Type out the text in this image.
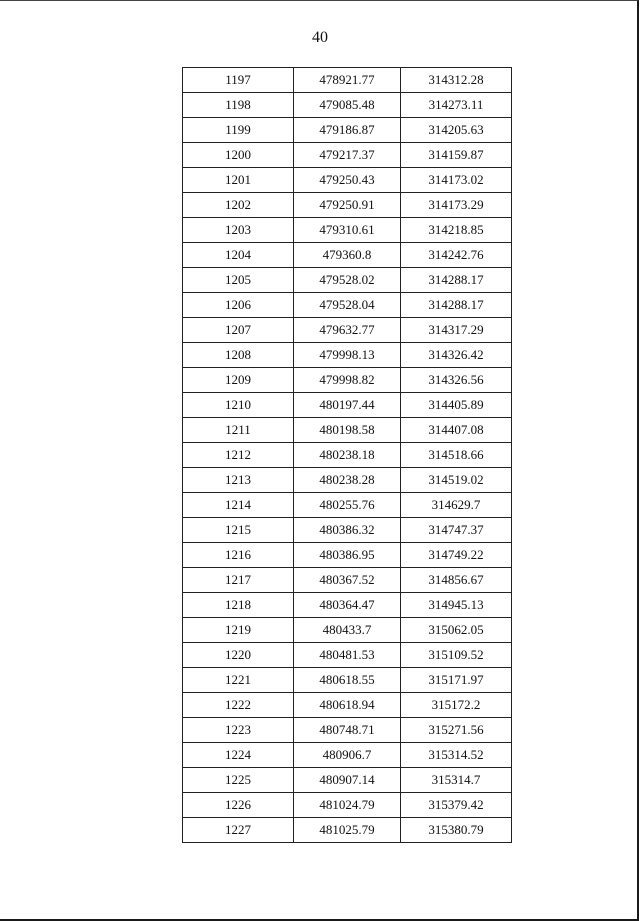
40
1197	478921.77	314312.28
1198	479085.48	314273.11
1199	479186.87	314205.63
1200	479217.37	314159.87
1201	479250.43	314173.02
1202	479250.91	314173.29
1203	479310.61	314218.85
1204	479360.8	314242.76
1205	479528.02	314288.17
1206	479528.04	314288.17
1207	479632.77	314317.29
1208	479998.13	314326.42
1209	479998.82	314326.56
1210	480197.44	314405.89
1211	480198.58	314407.08
1212	480238.18	314518.66
1213	480238.28	314519.02
1214	480255.76	314629.7
1215	480386.32	314747.37
1216	480386.95	314749.22
1217	480367.52	314856.67
1218	480364.47	314945.13
1219	480433.7	315062.05
1220	480481.53	315109.52
1221	480618.55	315171.97
1222	480618.94	315172.2
1223	480748.71	315271.56
1224	480906.7	315314.52
1225	480907.14	315314.7
1226	481024.79	315379.42
1227	481025.79	315380.79
